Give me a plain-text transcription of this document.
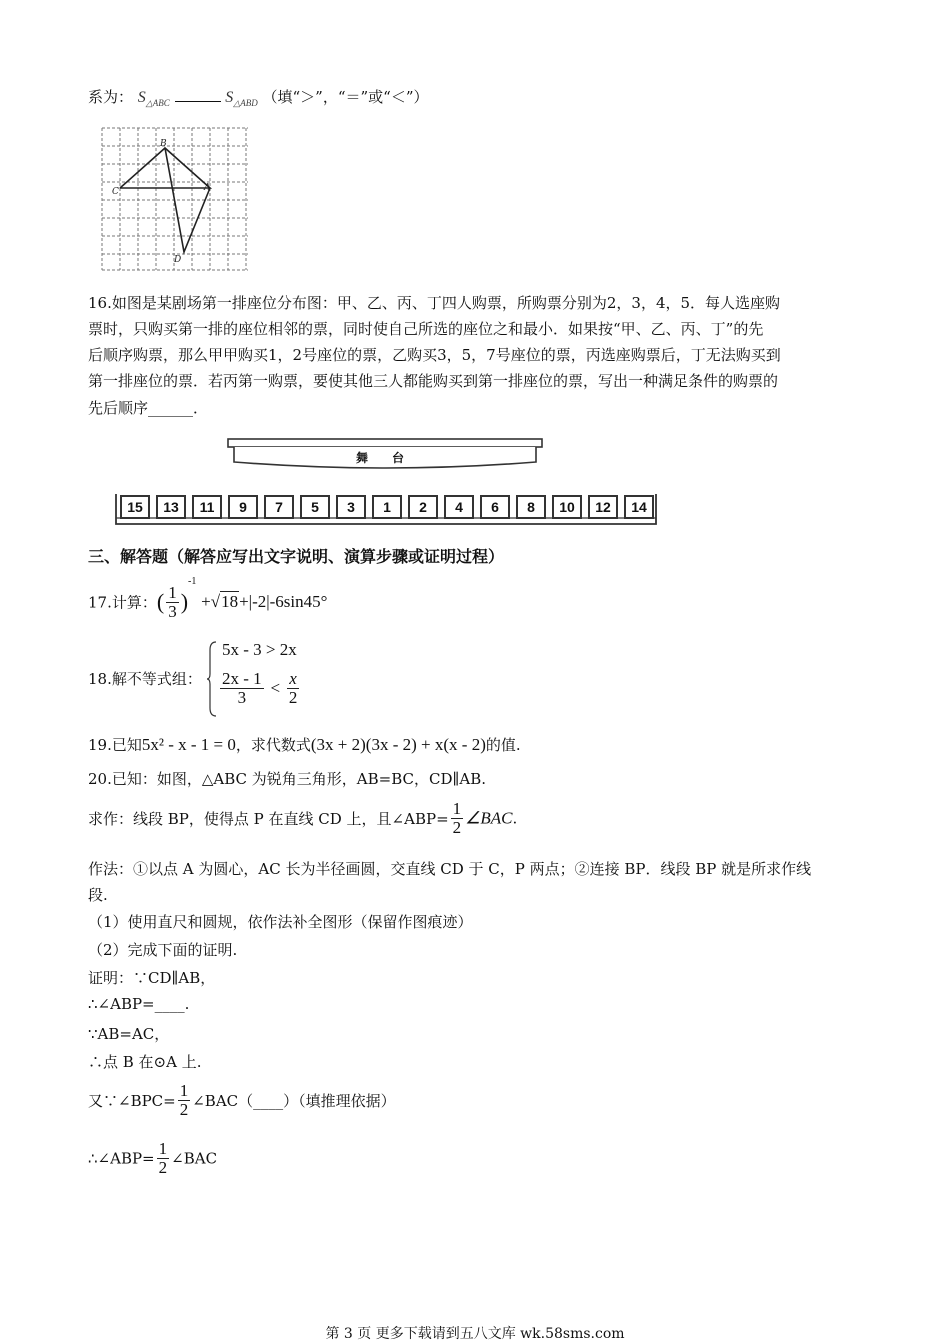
系为： $S_{\triangle ABC}$	$S_{\triangle ABD}$ （填“＞”，“＝”或“＜”）
B
C	A
D
16.如图是某剧场第一排座位分布图：甲、乙、丙、丁四人购票，所购票分别为2，3，4，5．每人选座购
票时，只购买第一排的座位相邻的票，同时使自己所选的座位之和最小．如果按“甲、乙、丙、丁”的先
后顺序购票，那么甲甲购买1，2号座位的票，乙购买3，5，7号座位的票，丙选座购票后，丁无法购买到
第一排座位的票．若丙第一购票，要使其他三人都能购买到第一排座位的票，写出一种满足条件的购票的
先后顺序______．
舞　　台
15	13	11	9	7	5	3	1	2	4	6	8	10	12	14
三、解答题（解答应写出文字说明、演算步骤或证明过程）
17.计算：( $\frac{1}{3} )^{-1} +√18+|-2|-6\sin 45^\circ$
18.解不等式组：
5x - 3 > 2x
$\frac{2x - 1}{3} < \frac{x}{2}$
19.已知5x² - x - 1 = 0，求代数式(3x + 2)(3x - 2) + x(x - 2)的值.
20.已知：如图，△ABC 为锐角三角形，AB=BC，CD∥AB.
求作：线段 BP，使得点 P 在直线 CD 上，且∠ABP= $\frac{1}{2}$ ∠BAC.
作法：①以点 A 为圆心，AC 长为半径画圆，交直线 CD 于 C，P 两点；②连接 BP．线段 BP 就是所求作线
段.
（1）使用直尺和圆规，依作法补全图形（保留作图痕迹）
（2）完成下面的证明.
证明：∵CD∥AB，
∴∠ABP=____.
∵AB=AC，
∴点 B 在⊙A 上.
又∵∠BPC= $\frac{1}{2}$ ∠BAC（____）（填推理依据）
∴∠ABP= $\frac{1}{2}$ ∠BAC
第 3 页 更多下载请到五八文库 wk.58sms.com
